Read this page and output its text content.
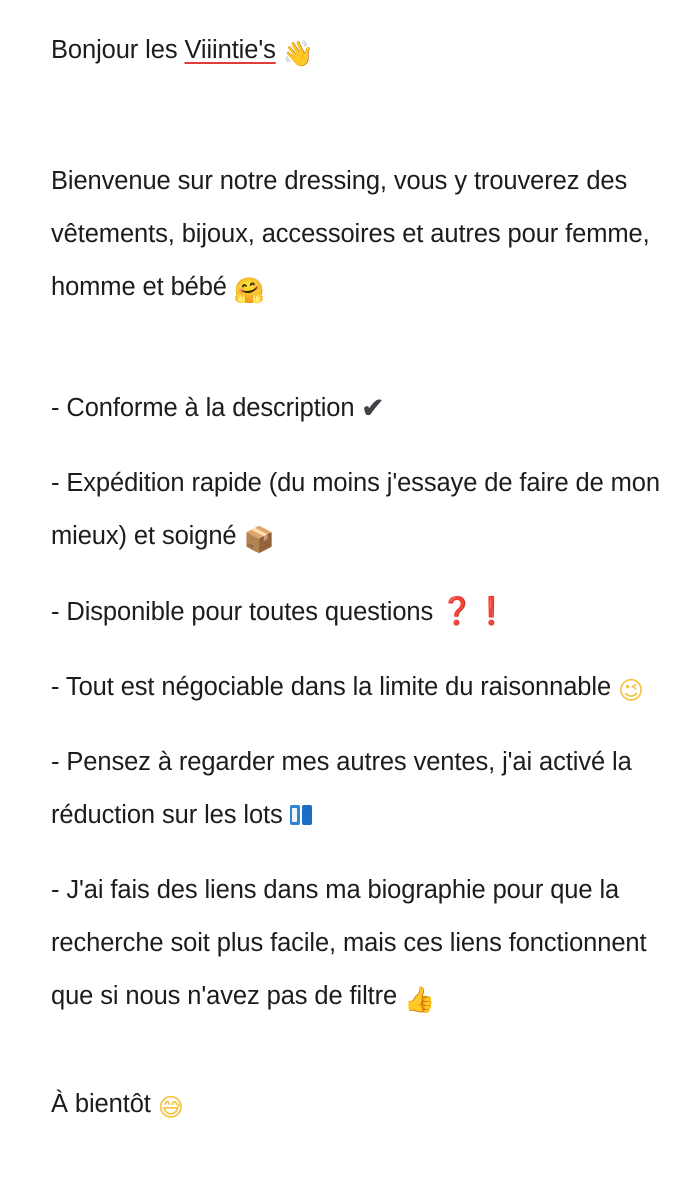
Bonjour les Viiintie's 👋

Bienvenue sur notre dressing, vous y trouverez des vêtements, bijoux, accessoires et autres pour femme, homme et bébé 🤗

- Conforme à la description ✔

- Expédition rapide (du moins j'essaye de faire de mon mieux) et soigné 📦

- Disponible pour toutes questions ❓❗

- Tout est négociable dans la limite du raisonnable 😉

- Pensez à regarder mes autres ventes, j'ai activé la réduction sur les lots

- J'ai fais des liens dans ma biographie pour que la recherche soit plus facile, mais ces liens fonctionnent que si nous n'avez pas de filtre 👍

À bientôt 😅
